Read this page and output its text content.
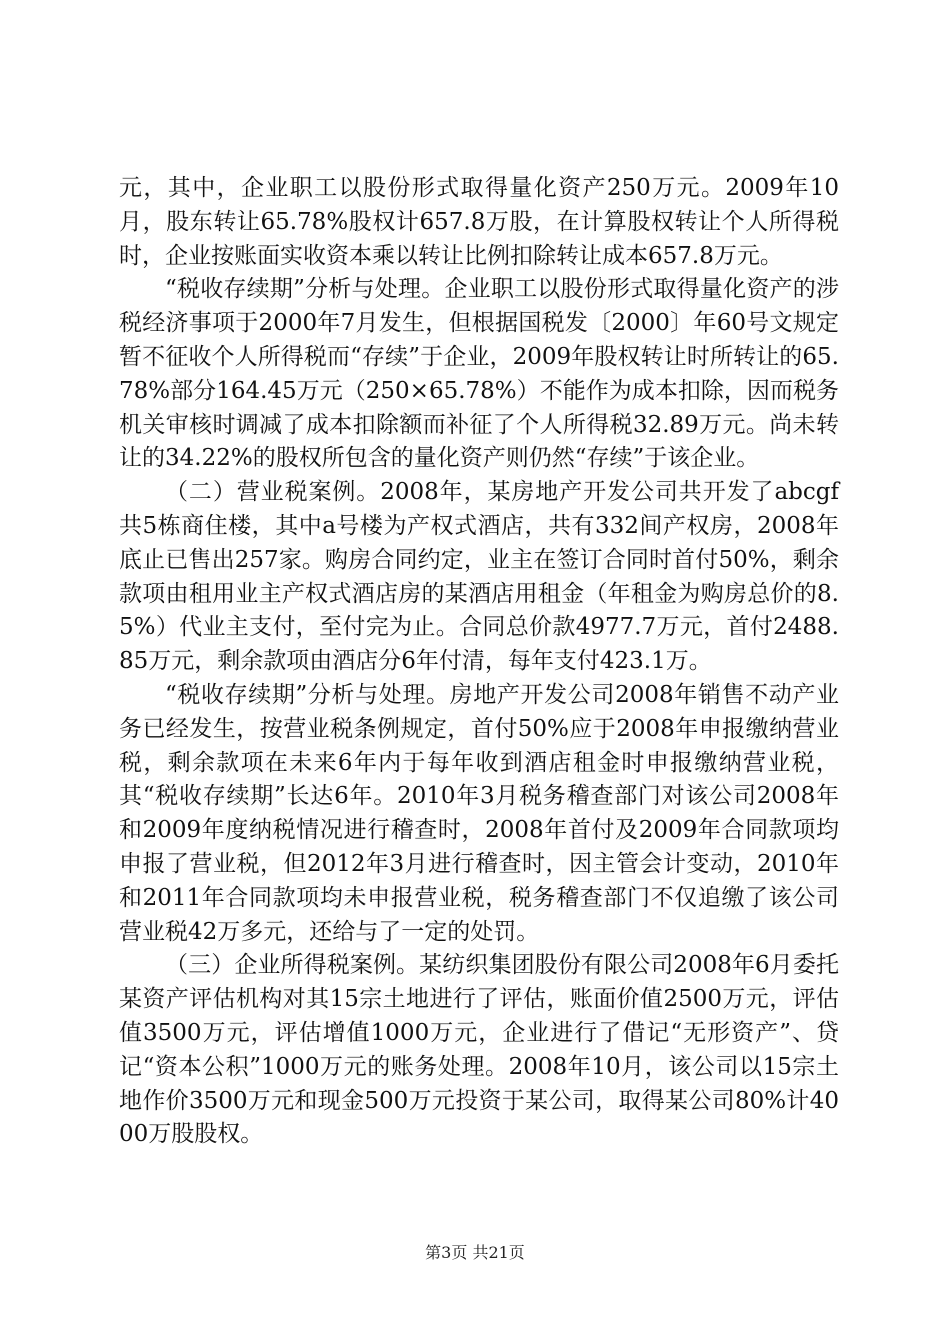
元，其中，企业职工以股份形式取得量化资产250万元。2009年10月，股东转让65.78%股权计657.8万股，在计算股权转让个人所得税时，企业按账面实收资本乘以转让比例扣除转让成本657.8万元。

“税收存续期”分析与处理。企业职工以股份形式取得量化资产的涉税经济事项于2000年7月发生，但根据国税发〔2000〕年60号文规定暂不征收个人所得税而“存续”于企业，2009年股权转让时所转让的65.78%部分164.45万元（250×65.78%）不能作为成本扣除，因而税务机关审核时调减了成本扣除额而补征了个人所得税32.89万元。尚未转让的34.22%的股权所包含的量化资产则仍然“存续”于该企业。

（二）营业税案例。2008年，某房地产开发公司共开发了abcgf共5栋商住楼，其中a号楼为产权式酒店，共有332间产权房，2008年底止已售出257家。购房合同约定，业主在签订合同时首付50%，剩余款项由租用业主产权式酒店房的某酒店用租金（年租金为购房总价的8.5%）代业主支付，至付完为止。合同总价款4977.7万元，首付2488.85万元，剩余款项由酒店分6年付清，每年支付423.1万。

“税收存续期”分析与处理。房地产开发公司2008年销售不动产业务已经发生，按营业税条例规定，首付50%应于2008年申报缴纳营业税，剩余款项在未来6年内于每年收到酒店租金时申报缴纳营业税，其“税收存续期”长达6年。2010年3月税务稽查部门对该公司2008年和2009年度纳税情况进行稽查时，2008年首付及2009年合同款项均申报了营业税，但2012年3月进行稽查时，因主管会计变动，2010年和2011年合同款项均未申报营业税，税务稽查部门不仅追缴了该公司营业税42万多元，还给与了一定的处罚。

（三）企业所得税案例。某纺织集团股份有限公司2008年6月委托某资产评估机构对其15宗土地进行了评估，账面价值2500万元，评估值3500万元，评估增值1000万元，企业进行了借记“无形资产”、贷记“资本公积”1000万元的账务处理。2008年10月，该公司以15宗土地作价3500万元和现金500万元投资于某公司，取得某公司80%计4000万股股权。

第3页 共21页
